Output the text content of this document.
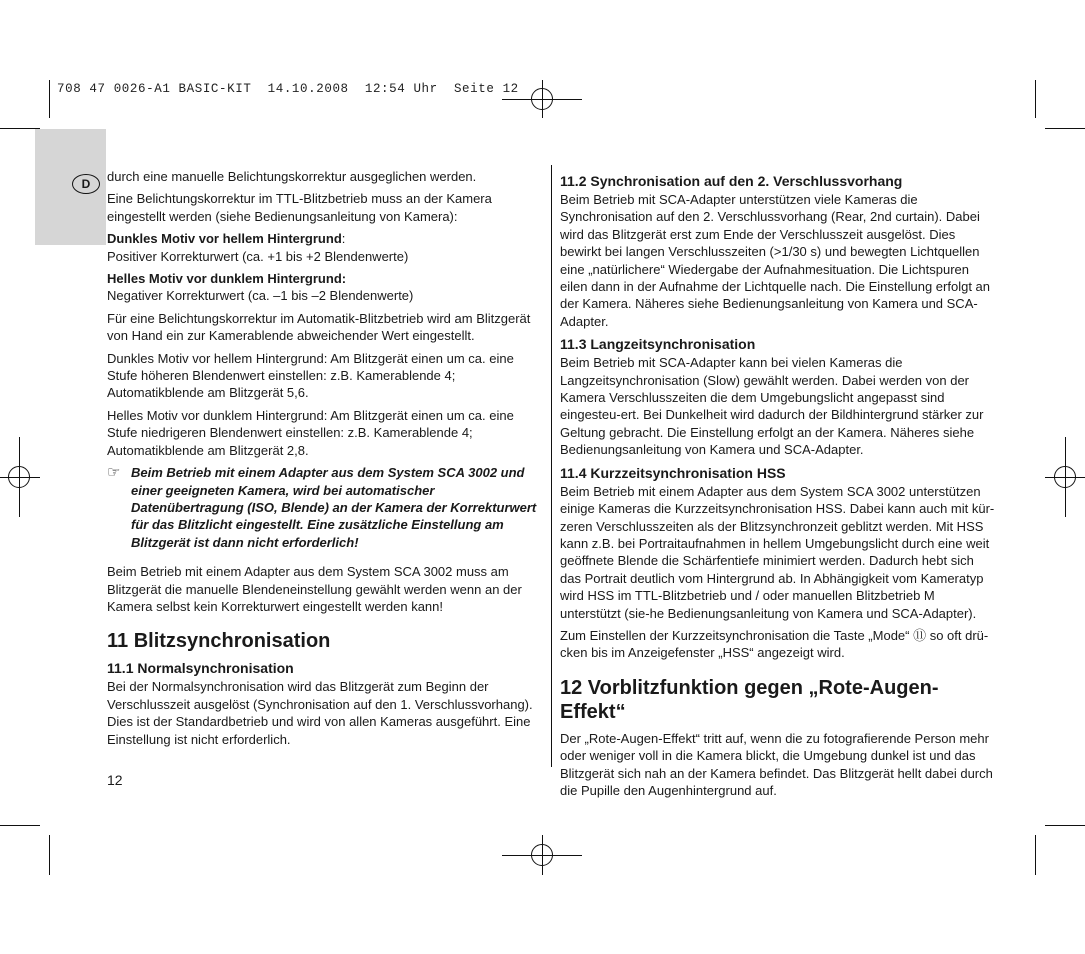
708 47 0026-A1 BASIC-KIT  14.10.2008  12:54 Uhr  Seite 12
D	durch eine manuelle Belichtungskorrektur ausgeglichen werden.

Eine Belichtungskorrektur im TTL-Blitzbetrieb muss an der Kamera eingestellt werden (siehe Bedienungsanleitung von Kamera):

Dunkles Motiv vor hellem Hintergrund:

Positiver Korrekturwert (ca. +1 bis +2 Blendenwerte)

Helles Motiv vor dunklem Hintergrund:

Negativer Korrekturwert (ca. –1 bis –2 Blendenwerte)

Für eine Belichtungskorrektur im Automatik-Blitzbetrieb wird am Blitzgerät von Hand ein zur Kamerablende abweichender Wert eingestellt.

Dunkles Motiv vor hellem Hintergrund: Am Blitzgerät einen um ca. eine Stufe höheren Blendenwert einstellen: z.B. Kamerablende 4; Automatikblende am Blitzgerät 5,6.

Helles Motiv vor dunklem Hintergrund: Am Blitzgerät einen um ca. eine Stufe niedrigeren Blendenwert einstellen: z.B. Kamerablende 4; Automatikblende am Blitzgerät 2,8.

☞ Beim Betrieb mit einem Adapter aus dem System SCA 3002 und einer geeigneten Kamera, wird bei automatischer Datenübertragung (ISO, Blende) an der Kamera der Korrekturwert für das Blitzlicht eingestellt. Eine zusätzliche Einstellung am Blitzgerät ist dann nicht erforderlich!

Beim Betrieb mit einem Adapter aus dem System SCA 3002 muss am Blitzgerät die manuelle Blendeneinstellung gewählt werden wenn an der Kamera selbst kein Korrekturwert eingestellt werden kann!

11 Blitzsynchronisation
11.1 Normalsynchronisation

Bei der Normalsynchronisation wird das Blitzgerät zum Beginn der Verschlusszeit ausgelöst (Synchronisation auf den 1. Verschlussvorhang). Dies ist der Standardbetrieb und wird von allen Kameras ausgeführt. Eine Einstellung ist nicht erforderlich.

11.2 Synchronisation auf den 2. Verschlussvorhang

Beim Betrieb mit SCA-Adapter unterstützen viele Kameras die Synchronisation auf den 2. Verschlussvorhang (Rear, 2nd curtain). Dabei wird das Blitzgerät erst zum Ende der Verschlusszeit ausgelöst. Dies bewirkt bei langen Verschlusszeiten (>1/30 s) und bewegten Lichtquellen eine „natürlichere“ Wiedergabe der Aufnahmesituation. Die Lichtspuren eilen dann in der Aufnahme der Lichtquelle nach. Die Einstellung erfolgt an der Kamera. Näheres siehe Bedienungsanleitung von Kamera und SCA-Adapter.

11.3 Langzeitsynchronisation

Beim Betrieb mit SCA-Adapter kann bei vielen Kameras die Langzeitsynchronisation (Slow) gewählt werden. Dabei werden von der Kamera Verschlusszeiten die dem Umgebungslicht angepasst sind eingesteu-ert. Bei Dunkelheit wird dadurch der Bildhintergrund stärker zur Geltung gebracht. Die Einstellung erfolgt an der Kamera. Näheres siehe Bedienungsanleitung von Kamera und SCA-Adapter.

11.4 Kurzzeitsynchronisation HSS

Beim Betrieb mit einem Adapter aus dem System SCA 3002 unterstützen einige Kameras die Kurzzeitsynchronisation HSS. Dabei kann auch mit kür-zeren Verschlusszeiten als der Blitzsynchronzeit geblitzt werden. Mit HSS kann z.B. bei Portraitaufnahmen in hellem Umgebungslicht durch eine weit geöffnete Blende die Schärfentiefe minimiert werden. Dadurch hebt sich das Portrait deutlich vom Hintergrund ab. In Abhängigkeit vom Kameratyp wird HSS im TTL-Blitzbetrieb und / oder manuellen Blitzbetrieb M unterstützt (sie-he Bedienungsanleitung von Kamera und SCA-Adapter).

Zum Einstellen der Kurzzeitsynchronisation die Taste „Mode“ ⑪ so oft drü-cken bis im Anzeigefenster „HSS“ angezeigt wird.

12 Vorblitzfunktion gegen „Rote-Augen-Effekt“

Der „Rote-Augen-Effekt“ tritt auf, wenn die zu fotografierende Person mehr oder weniger voll in die Kamera blickt, die Umgebung dunkel ist und das Blitzgerät sich nah an der Kamera befindet. Das Blitzgerät hellt dabei durch die Pupille den Augenhintergrund auf.

12
